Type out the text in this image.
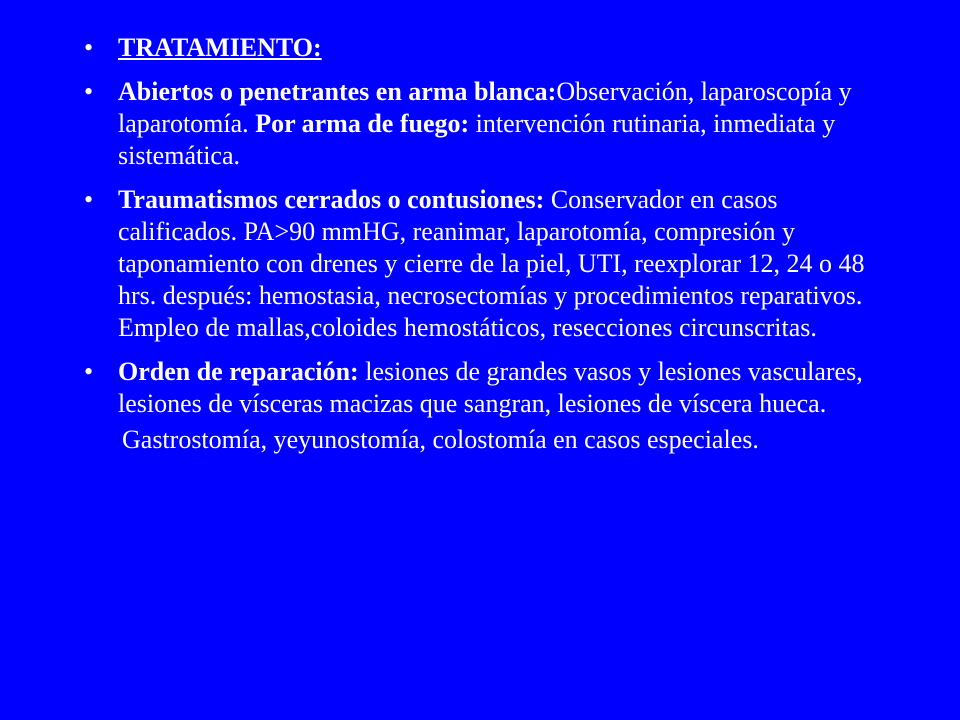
• TRATAMIENTO:
• Abiertos o penetrantes en arma blanca:Observación, laparoscopía y laparotomía. Por arma de fuego: intervención rutinaria, inmediata y sistemática.
• Traumatismos cerrados o contusiones: Conservador en casos calificados. PA>90 mmHG, reanimar, laparotomía, compresión y taponamiento con drenes y cierre de la piel, UTI, reexplorar 12, 24 o 48 hrs. después: hemostasia, necrosectomías y procedimientos reparativos. Empleo de mallas,coloides hemostáticos, resecciones circunscritas.
• Orden de reparación: lesiones de grandes vasos y lesiones vasculares, lesiones de vísceras macizas que sangran, lesiones de víscera hueca.
Gastrostomía, yeyunostomía, colostomía en casos especiales.
